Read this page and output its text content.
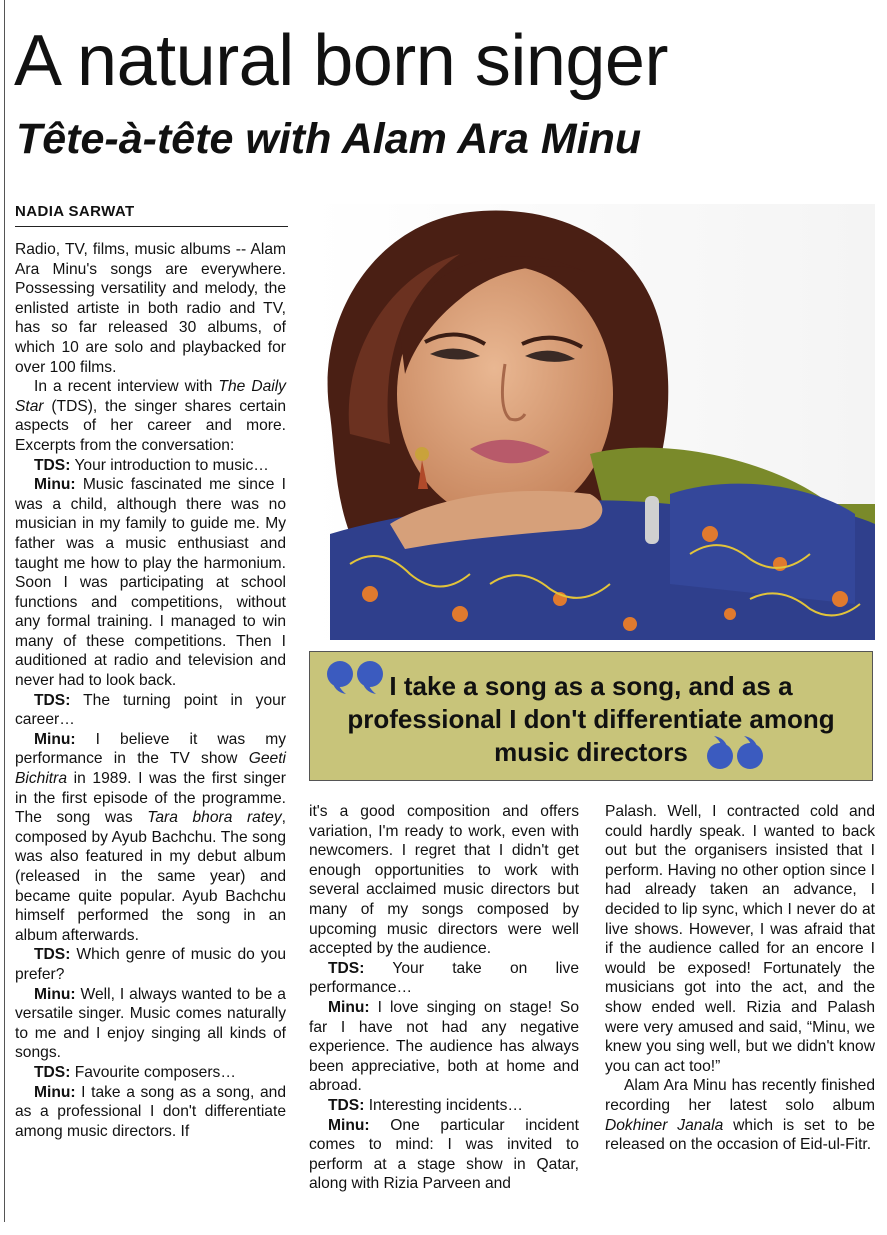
A natural born singer
Tête-à-tête with Alam Ara Minu
NADIA SARWAT
I take a song as a song, and as a professional I don't differentiate among music directors

Radio, TV, films, music albums -- Alam Ara Minu's songs are everywhere. Possessing versatility and melody, the enlisted artiste in both radio and TV, has so far released 30 albums, of which 10 are solo and playbacked for over 100 films.

In a recent interview with The Daily Star (TDS), the singer shares certain aspects of her career and more. Excerpts from the conversation:

TDS: Your introduction to music…

Minu: Music fascinated me since I was a child, although there was no musician in my family to guide me. My father was a music enthusiast and taught me how to play the harmonium. Soon I was participating at school functions and competitions, without any formal training. I managed to win many of these competitions. Then I auditioned at radio and television and never had to look back.

TDS: The turning point in your career…

Minu: I believe it was my performance in the TV show Geeti Bichitra in 1989. I was the first singer in the first episode of the programme. The song was Tara bhora ratey, composed by Ayub Bachchu. The song was also featured in my debut album (released in the same year) and became quite popular. Ayub Bachchu himself performed the song in an album afterwards.

TDS: Which genre of music do you prefer?

Minu: Well, I always wanted to be a versatile singer. Music comes naturally to me and I enjoy singing all kinds of songs.

TDS: Favourite composers…

Minu: I take a song as a song, and as a professional I don't differentiate among music directors. If

it's a good composition and offers variation, I'm ready to work, even with newcomers. I regret that I didn't get enough opportunities to work with several acclaimed music directors but many of my songs composed by upcoming music directors were well accepted by the audience.

TDS: Your take on live performance…

Minu: I love singing on stage! So far I have not had any negative experience. The audience has always been appreciative, both at home and abroad.

TDS: Interesting incidents…

Minu: One particular incident comes to mind: I was invited to perform at a stage show in Qatar, along with Rizia Parveen and

Palash. Well, I contracted cold and could hardly speak. I wanted to back out but the organisers insisted that I perform. Having no other option since I had already taken an advance, I decided to lip sync, which I never do at live shows. However, I was afraid that if the audience called for an encore I would be exposed! Fortunately the musicians got into the act, and the show ended well. Rizia and Palash were very amused and said, “Minu, we knew you sing well, but we didn't know you can act too!”

Alam Ara Minu has recently finished recording her latest solo album Dokhiner Janala which is set to be released on the occasion of Eid-ul-Fitr.
